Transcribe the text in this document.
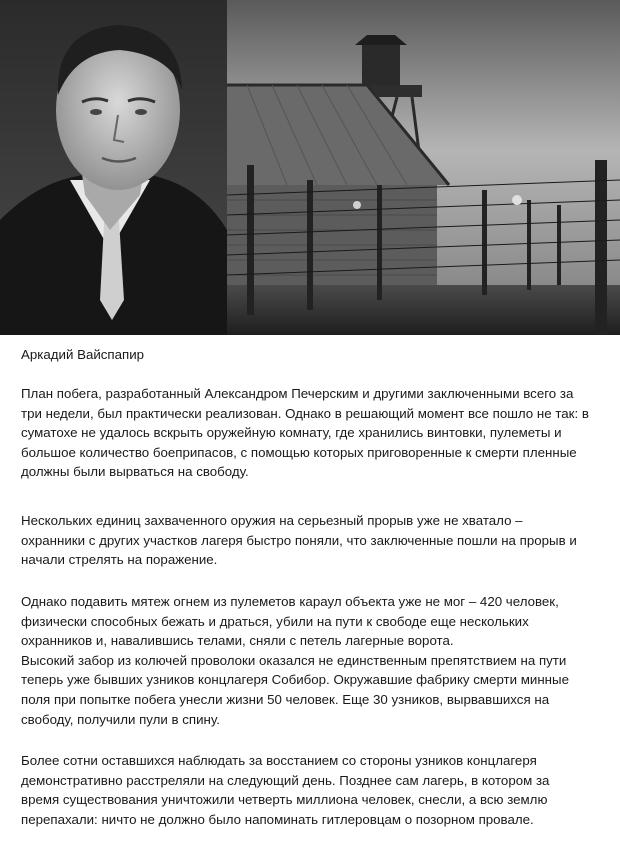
Аркадий Вайспапир
План побега, разработанный Александром Печерским и другими заключенными всего за
три недели, был практически реализован. Однако в решающий момент все пошло не так: в
суматохе не удалось вскрыть оружейную комнату, где хранились винтовки, пулеметы и
большое количество боеприпасов, с помощью которых приговоренные к смерти пленные
должны были вырваться на свободу.
Нескольких единиц захваченного оружия на серьезный прорыв уже не хватало –
охранники с других участков лагеря быстро поняли, что заключенные пошли на прорыв и
начали стрелять на поражение.
Однако подавить мятеж огнем из пулеметов караул объекта уже не мог – 420 человек,
физически способных бежать и драться, убили на пути к свободе еще нескольких
охранников и, навалившись телами, сняли с петель лагерные ворота.
Высокий забор из колючей проволоки оказался не единственным препятствием на пути
теперь уже бывших узников концлагеря Собибор. Окружавшие фабрику смерти минные
поля при попытке побега унесли жизни 50 человек. Еще 30 узников, вырвавшихся на
свободу, получили пули в спину.
Более сотни оставшихся наблюдать за восстанием со стороны узников концлагеря
демонстративно расстреляли на следующий день. Позднее сам лагерь, в котором за
время существования уничтожили четверть миллиона человек, снесли, а всю землю
перепахали: ничто не должно было напоминать гитлеровцам о позорном провале.
